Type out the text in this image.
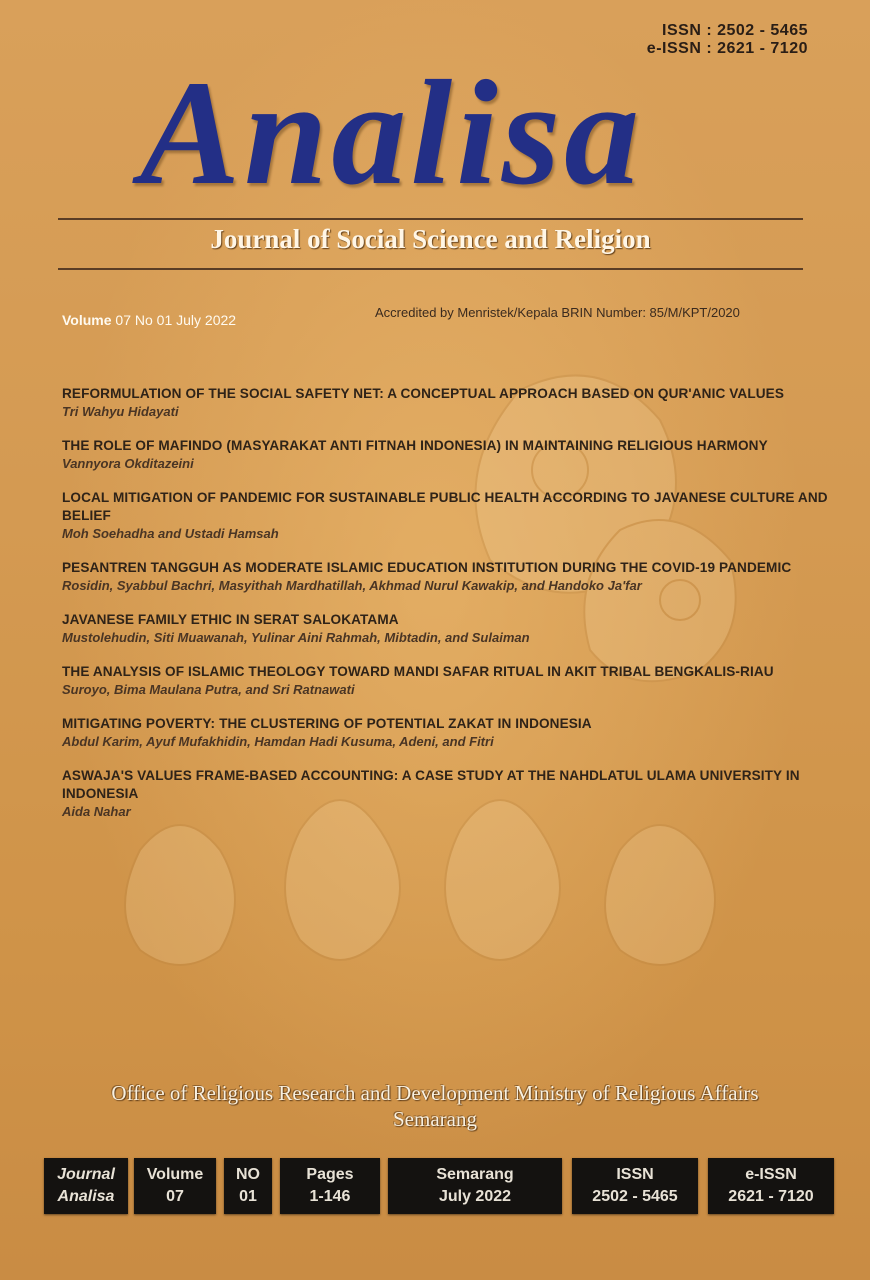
ISSN : 2502 - 5465
e-ISSN : 2621 - 7120
Analisa
Journal of Social Science and Religion
Volume 07 No 01 July 2022	Accredited by Menristek/Kepala BRIN Number: 85/M/KPT/2020
REFORMULATION OF THE SOCIAL SAFETY NET: A CONCEPTUAL APPROACH BASED ON QUR'ANIC VALUES
Tri Wahyu Hidayati
THE ROLE OF MAFINDO (MASYARAKAT ANTI FITNAH INDONESIA) IN MAINTAINING RELIGIOUS HARMONY
Vannyora Okditazeini
LOCAL MITIGATION OF PANDEMIC FOR SUSTAINABLE PUBLIC HEALTH ACCORDING TO JAVANESE CULTURE AND BELIEF
Moh Soehadha and Ustadi Hamsah
PESANTREN TANGGUH AS MODERATE ISLAMIC EDUCATION INSTITUTION DURING THE COVID-19 PANDEMIC
Rosidin, Syabbul Bachri, Masyithah Mardhatillah, Akhmad Nurul Kawakip, and Handoko Ja'far
JAVANESE FAMILY ETHIC IN SERAT SALOKATAMA
Mustolehudin, Siti Muawanah, Yulinar Aini Rahmah, Mibtadin, and Sulaiman
THE ANALYSIS OF ISLAMIC THEOLOGY TOWARD MANDI SAFAR RITUAL IN AKIT TRIBAL BENGKALIS-RIAU
Suroyo, Bima Maulana Putra, and Sri Ratnawati
MITIGATING POVERTY: THE CLUSTERING OF POTENTIAL ZAKAT IN INDONESIA
Abdul Karim, Ayuf Mufakhidin, Hamdan Hadi Kusuma, Adeni, and Fitri
ASWAJA'S VALUES FRAME-BASED ACCOUNTING: A CASE STUDY AT THE NAHDLATUL ULAMA UNIVERSITY IN INDONESIA
Aida Nahar
Office of Religious Research and Development Ministry of Religious Affairs
Semarang
Journal
Analisa
Volume
07
NO
01
Pages
1-146
Semarang
July 2022
ISSN
2502 - 5465
e-ISSN
2621 - 7120
